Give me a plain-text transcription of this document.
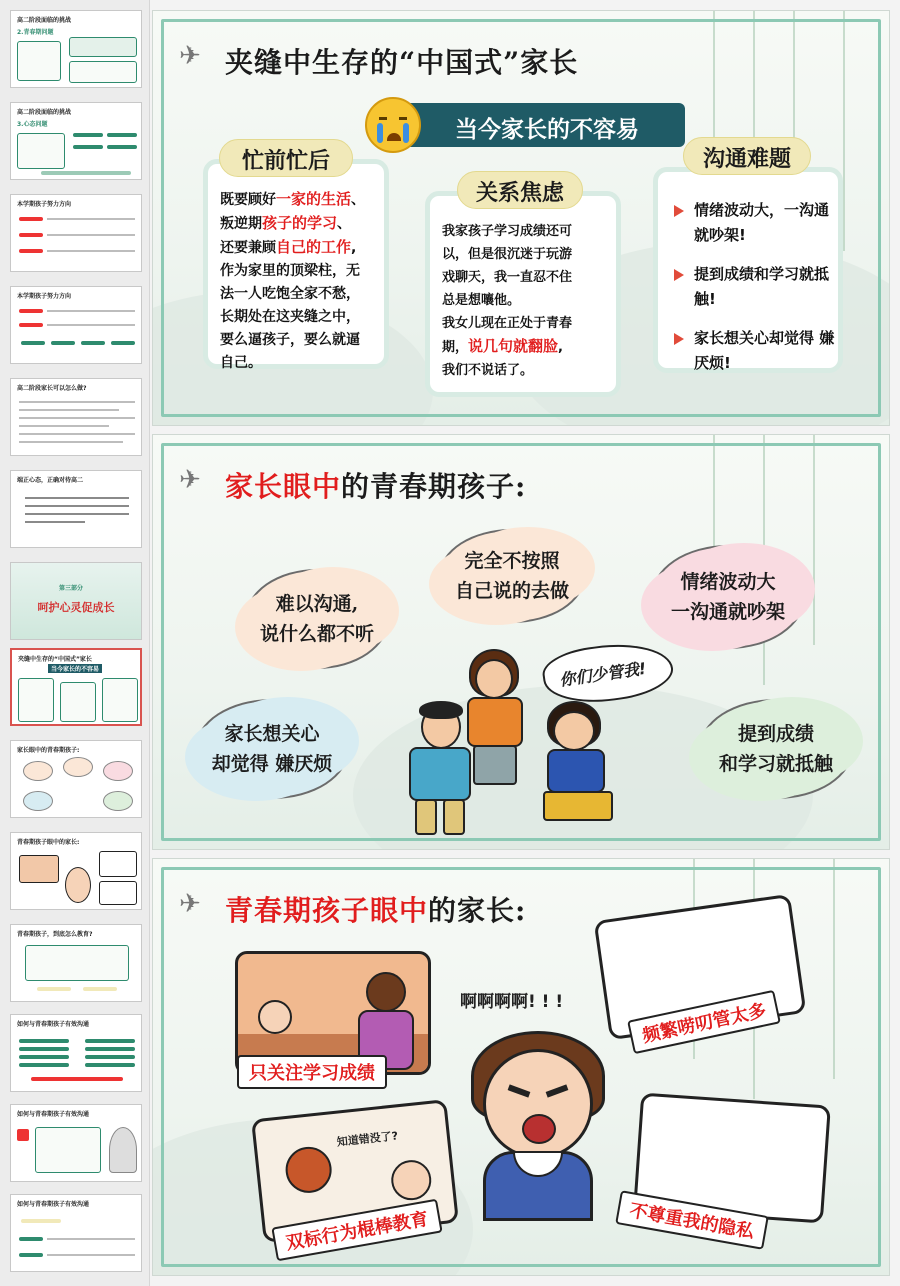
高二阶段面临的挑战
2.青春期问题
高二阶段面临的挑战
3.心态问题
本学期孩子努力方向
本学期孩子努力方向
高二阶段家长可以怎么做?
端正心态，正确对待高二
第三部分
呵护心灵促成长
夹缝中生存的“中国式”家长
当今家长的不容易
家长眼中的青春期孩子:
青春期孩子眼中的家长:
青春期孩子，到底怎么教育?
如何与青春期孩子有效沟通
如何与青春期孩子有效沟通
如何与青春期孩子有效沟通
✈ 夹缝中生存的“中国式”家长
当今家长的不容易
既要顾好一家的生活、
叛逆期孩子的学习、
还要兼顾自己的工作,
作为家里的顶梁柱，无
法一人吃饱全家不愁，
长期处在这夹缝之中，
要么逼孩子，要么就逼
自己。
忙前忙后
我家孩子学习成绩还可
以，但是很沉迷于玩游
戏聊天，我一直忍不住
总是想嚷他。
我女儿现在正处于青春
期，说几句就翻脸,
我们不说话了。
关系焦虑
情绪波动大，一沟通就吵架!
提到成绩和学习就抵触!
家长想关心却觉得 嫌厌烦!
沟通难题
✈ 家长眼中的青春期孩子:
难以沟通,
说什么都不听
完全不按照
自己说的去做	情绪波动大
一沟通就吵架
家长想关心
却觉得 嫌厌烦
提到成绩
和学习就抵触
你们少管我!
✈ 青春期孩子眼中的家长:
只关注学习成绩
啊啊啊啊! ! !	频繁唠叨管太多
知道错没了?
双标行为棍棒教育	不尊重我的隐私
